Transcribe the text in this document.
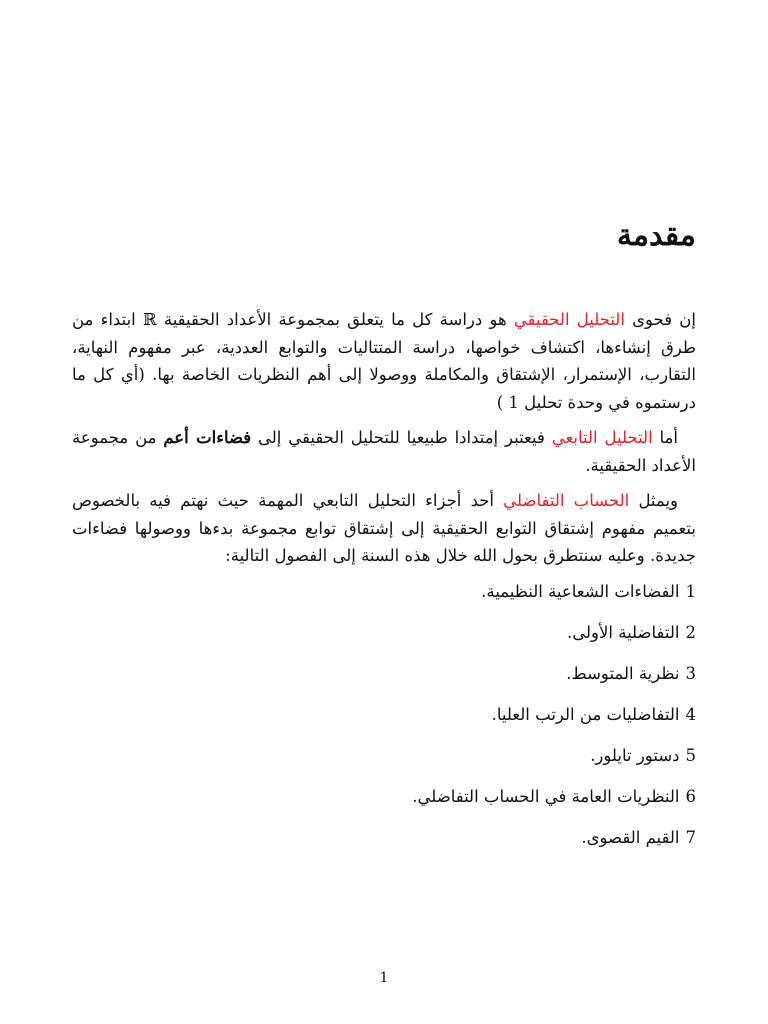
مقدمة

إن فحوى التحليل الحقيقي هو دراسة كل ما يتعلق بمجموعة الأعداد الحقيقية ℝ ابتداء من طرق إنشاءها، اكتشاف خواصها، دراسة المتتاليات والتوابع العددية، عبر مفهوم النهاية، التقارب، الإستمرار، الإشتقاق والمكاملة ووصولا إلى أهم النظريات الخاصة بها. (أي كل ما درستموه في وحدة تحليل 1 )

أما التحليل التابعي فيعتبر إمتدادا طبيعيا للتحليل الحقيقي إلى فضاءات أعم من مجموعة الأعداد الحقيقية.

ويمثل الحساب التفاضلي أحد أجزاء التحليل التابعي المهمة حيث نهتم فيه بالخصوص بتعميم مفهوم إشتقاق التوابع الحقيقية إلى إشتقاق توابع مجموعة بدءها ووصولها فضاءات جديدة. وعليه سنتطرق بحول الله خلال هذه السنة إلى الفصول التالية:

1الفضاءات الشعاعية النظيمية.
2التفاضلية الأولى.
3نظرية المتوسط.
4التفاضليات من الرتب العليا.
5دستور تايلور.
6النظريات العامة في الحساب التفاضلي.
7القيم القصوى.
1
